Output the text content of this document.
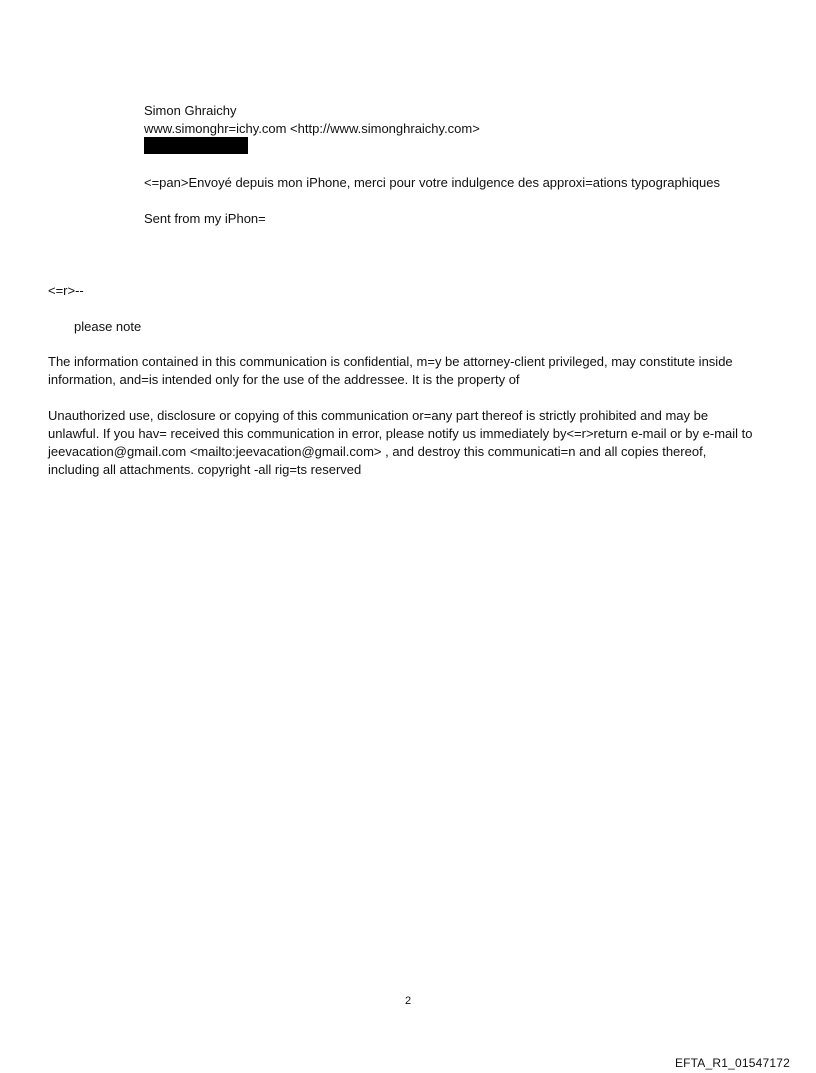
Simon Ghraichy
www.simonghr=ichy.com <http://www.simonghraichy.com>
<=pan>Envoyé depuis mon iPhone, merci pour votre indulgence des approxi=ations typographiques
Sent from my iPhon=
<=r>--
please note
The information contained in this communication is confidential, m=y be attorney-client privileged, may constitute inside information, and=is intended only for the use of the addressee. It is the property of
Unauthorized use, disclosure or copying of this communication or=any part thereof is strictly prohibited and may be unlawful. If you hav= received this communication in error, please notify us immediately by<=r>return e-mail or by e-mail to jeevacation@gmail.com <mailto:jeevacation@gmail.com> , and destroy this communicati=n and all copies thereof, including all attachments. copyright -all rig=ts reserved
2
EFTA_R1_01547172
